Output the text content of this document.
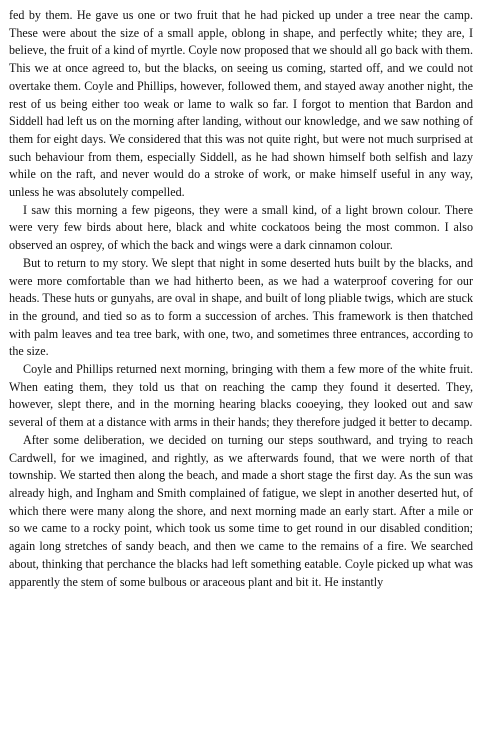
fed by them. He gave us one or two fruit that he had picked up under a tree near the camp. These were about the size of a small apple, oblong in shape, and perfectly white; they are, I believe, the fruit of a kind of myrtle. Coyle now proposed that we should all go back with them. This we at once agreed to, but the blacks, on seeing us coming, started off, and we could not overtake them. Coyle and Phillips, however, followed them, and stayed away another night, the rest of us being either too weak or lame to walk so far. I forgot to mention that Bardon and Siddell had left us on the morning after landing, without our knowledge, and we saw nothing of them for eight days. We considered that this was not quite right, but were not much surprised at such behaviour from them, especially Siddell, as he had shown himself both selfish and lazy while on the raft, and never would do a stroke of work, or make himself useful in any way, unless he was absolutely compelled.

I saw this morning a few pigeons, they were a small kind, of a light brown colour. There were very few birds about here, black and white cockatoos being the most common. I also observed an osprey, of which the back and wings were a dark cinnamon colour.

But to return to my story. We slept that night in some deserted huts built by the blacks, and were more comfortable than we had hitherto been, as we had a waterproof covering for our heads. These huts or gunyahs, are oval in shape, and built of long pliable twigs, which are stuck in the ground, and tied so as to form a succession of arches. This framework is then thatched with palm leaves and tea tree bark, with one, two, and sometimes three entrances, according to the size.

Coyle and Phillips returned next morning, bringing with them a few more of the white fruit. When eating them, they told us that on reaching the camp they found it deserted. They, however, slept there, and in the morning hearing blacks cooeying, they looked out and saw several of them at a distance with arms in their hands; they therefore judged it better to decamp.

After some deliberation, we decided on turning our steps southward, and trying to reach Cardwell, for we imagined, and rightly, as we afterwards found, that we were north of that township. We started then along the beach, and made a short stage the first day. As the sun was already high, and Ingham and Smith complained of fatigue, we slept in another deserted hut, of which there were many along the shore, and next morning made an early start. After a mile or so we came to a rocky point, which took us some time to get round in our disabled condition; again long stretches of sandy beach, and then we came to the remains of a fire. We searched about, thinking that perchance the blacks had left something eatable. Coyle picked up what was apparently the stem of some bulbous or araceous plant and bit it. He instantly
